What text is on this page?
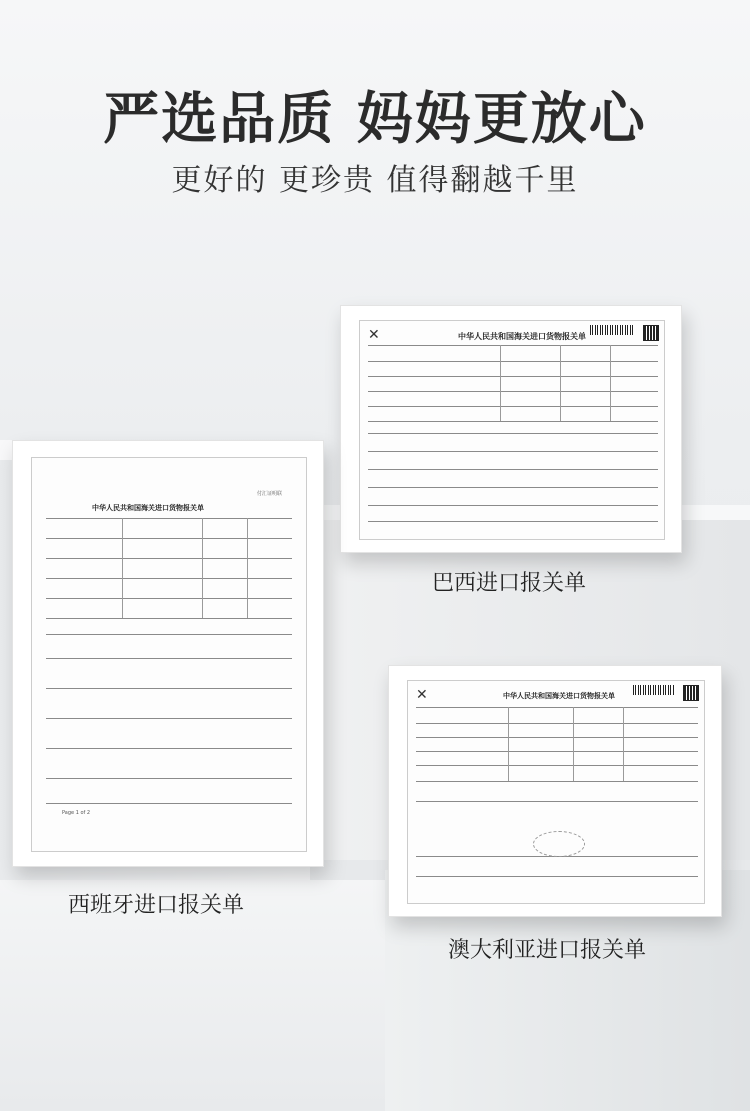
严选品质 妈妈更放心
更好的 更珍贵 值得翻越千里
✕	中华人民共和国海关进口货物报关单
巴西进口报关单
付汇证明联
中华人民共和国海关进口货物报关单
Page 1 of 2
西班牙进口报关单
✕	中华人民共和国海关进口货物报关单
澳大利亚进口报关单
